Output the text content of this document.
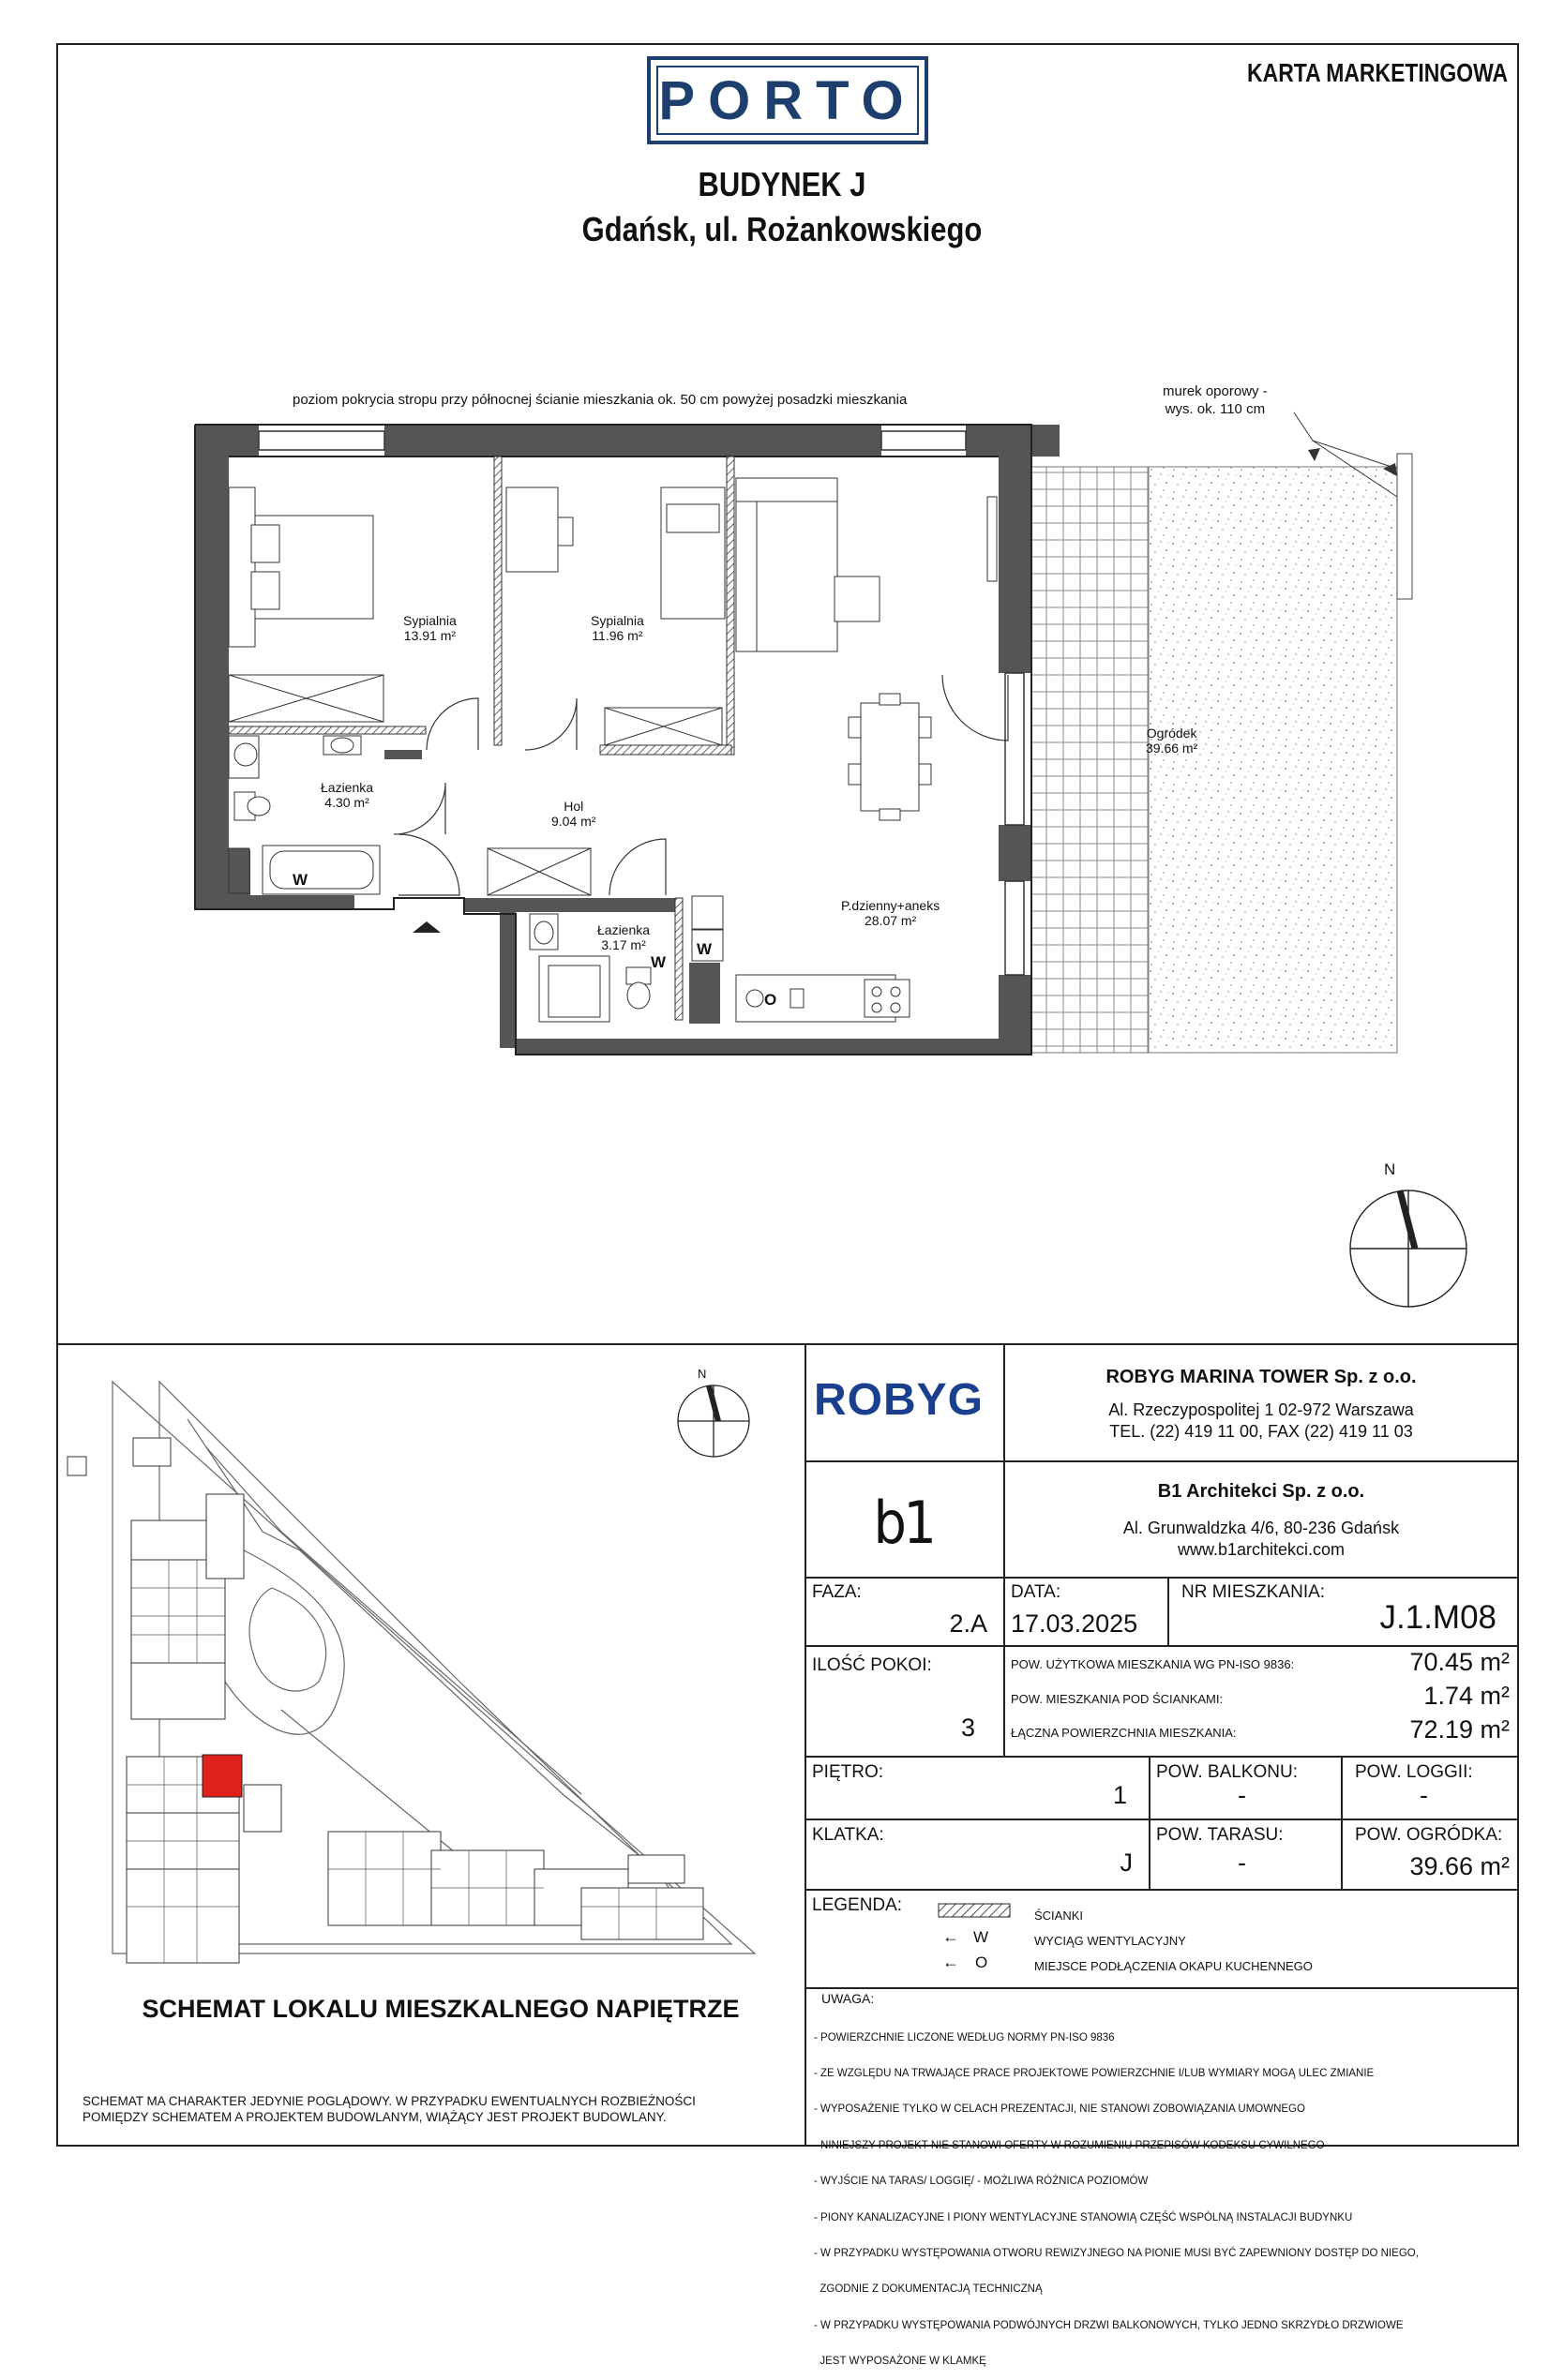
PORTO	KARTA MARKETINGOWA
BUDYNEK J
Gdańsk, ul. Rożankowskiego
poziom pokrycia stropu przy północnej ścianie mieszkania ok. 50 cm powyżej posadzki mieszkania
murek oporowy -
wys. ok. 110 cm
Sypialnia
13.91 m²
Sypialnia
11.96 m²
Łazienka
4.30 m²	Hol
9.04 m²
Łazienka
3.17 m²
P.dzienny+aneks
28.07 m²
Ogródek
39.66 m²
W
W
W
O
N
ROBYG	ROBYG MARINA TOWER Sp. z o.o.
Al. Rzeczypospolitej 1 02-972 Warszawa
TEL. (22) 419 11 00, FAX (22) 419 11 03
b1	B1 Architekci Sp. z o.o.
Al. Grunwaldzka 4/6, 80-236 Gdańsk
www.b1architekci.com
FAZA:
2.A
DATA:
17.03.2025
NR MIESZKANIA:
J.1.M08
ILOŚĆ POKOI:
3
POW. UŻYTKOWA MIESZKANIA WG PN-ISO 9836:	70.45 m²
POW. MIESZKANIA POD ŚCIANKAMI:	1.74 m²
ŁĄCZNA POWIERZCHNIA MIESZKANIA:	72.19 m²
PIĘTRO:
1
POW. BALKONU:
-
POW. LOGGII:
-
KLATKA:
J
POW. TARASU:
-
POW. OGRÓDKA:
39.66 m²
LEGENDA:
ŚCIANKI
← W	WYCIĄG WENTYLACYJNY
← O	MIEJSCE PODŁĄCZENIA OKAPU KUCHENNEGO
UWAGA:

- POWIERZCHNIE LICZONE WEDŁUG NORMY PN-ISO 9836

- ZE WZGLĘDU NA TRWAJĄCE PRACE PROJEKTOWE POWIERZCHNIE I/LUB WYMIARY MOGĄ ULEC ZMIANIE

- WYPOSAŻENIE TYLKO W CELACH PREZENTACJI, NIE STANOWI ZOBOWIĄZANIA UMOWNEGO

- NINIEJSZY PROJEKT NIE STANOWI OFERTY W ROZUMIENIU PRZEPISÓW KODEKSU CYWILNEGO

- WYJŚCIE NA TARAS/ LOGGIĘ/ - MOŻLIWA RÓŻNICA POZIOMÓW

- PIONY KANALIZACYJNE I PIONY WENTYLACYJNE STANOWIĄ CZĘŚĆ WSPÓLNĄ INSTALACJI BUDYNKU

- W PRZYPADKU WYSTĘPOWANIA OTWORU REWIZYJNEGO NA PIONIE MUSI BYĆ ZAPEWNIONY DOSTĘP DO NIEGO,

ZGODNIE Z DOKUMENTACJĄ TECHNICZNĄ

- W PRZYPADKU WYSTĘPOWANIA PODWÓJNYCH DRZWI BALKONOWYCH, TYLKO JEDNO SKRZYDŁO DRZWIOWE

JEST WYPOSAŻONE W KLAMKĘ

N
SCHEMAT LOKALU MIESZKALNEGO NAPIĘTRZE
SCHEMAT MA CHARAKTER JEDYNIE POGLĄDOWY. W PRZYPADKU EWENTUALNYCH ROZBIEŻNOŚCI
POMIĘDZY SCHEMATEM A PROJEKTEM BUDOWLANYM, WIĄŻĄCY JEST PROJEKT BUDOWLANY.
